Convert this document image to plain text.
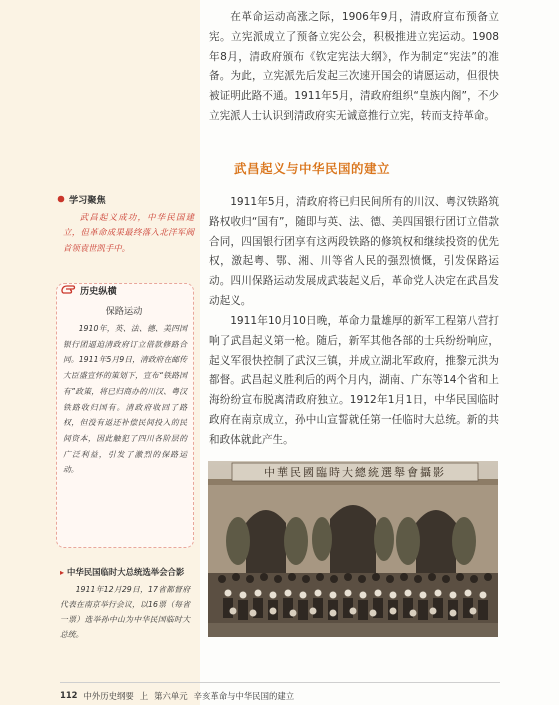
在革命运动高涨之际，1906年9月，清政府宣布预备立宪。立宪派成立了预备立宪公会，积极推进立宪运动。1908年8月，清政府颁布《钦定宪法大纲》，作为制定“宪法”的准备。为此，立宪派先后发起三次速开国会的请愿运动，但很快被证明此路不通。1911年5月，清政府组织“皇族内阁”，不少立宪派人士认识到清政府实无诚意推行立宪，转而支持革命。

武昌起义与中华民国的建立

1911年5月，清政府将已归民间所有的川汉、粤汉铁路筑路权收归“国有”，随即与英、法、德、美四国银行团订立借款合同，四国银行团享有这两段铁路的修筑权和继续投资的优先权，激起粤、鄂、湘、川等省人民的强烈愤慨，引发保路运动。四川保路运动发展成武装起义后，革命党人决定在武昌发动起义。

1911年10月10日晚，革命力量雄厚的新军工程第八营打响了武昌起义第一枪。随后，新军其他各部的士兵纷纷响应，起义军很快控制了武汉三镇，并成立湖北军政府，推黎元洪为都督。武昌起义胜利后的两个月内，湖南、广东等14个省和上海纷纷宣布脱离清政府独立。1912年1月1日，中华民国临时政府在南京成立，孙中山宣誓就任第一任临时大总统。新的共和政体就此产生。

学习聚焦

武昌起义成功，中华民国建立，但革命成果最终落入北洋军阀首领袁世凯手中。

历史纵横

保路运动

1910年，英、法、德、美四国银行团逼迫清政府订立借款修路合同。1911年5月9日，清政府在邮传大臣盛宣怀的策划下，宣布“铁路国有”政策，将已归商办的川汉、粤汉铁路收归国有。清政府收回了路权，但没有返还补偿民间投入的民间资本，因此触犯了四川各阶层的广泛利益，引发了激烈的保路运动。

▸ 中华民国临时大总统选举会合影

1911年12月29日，17省都督府代表在南京举行会议，以16票（每省一票）选举孙中山为中华民国临时大总统。

中華民國臨時大總統選舉會攝影
112 中外历史纲要 上 第六单元 辛亥革命与中华民国的建立
